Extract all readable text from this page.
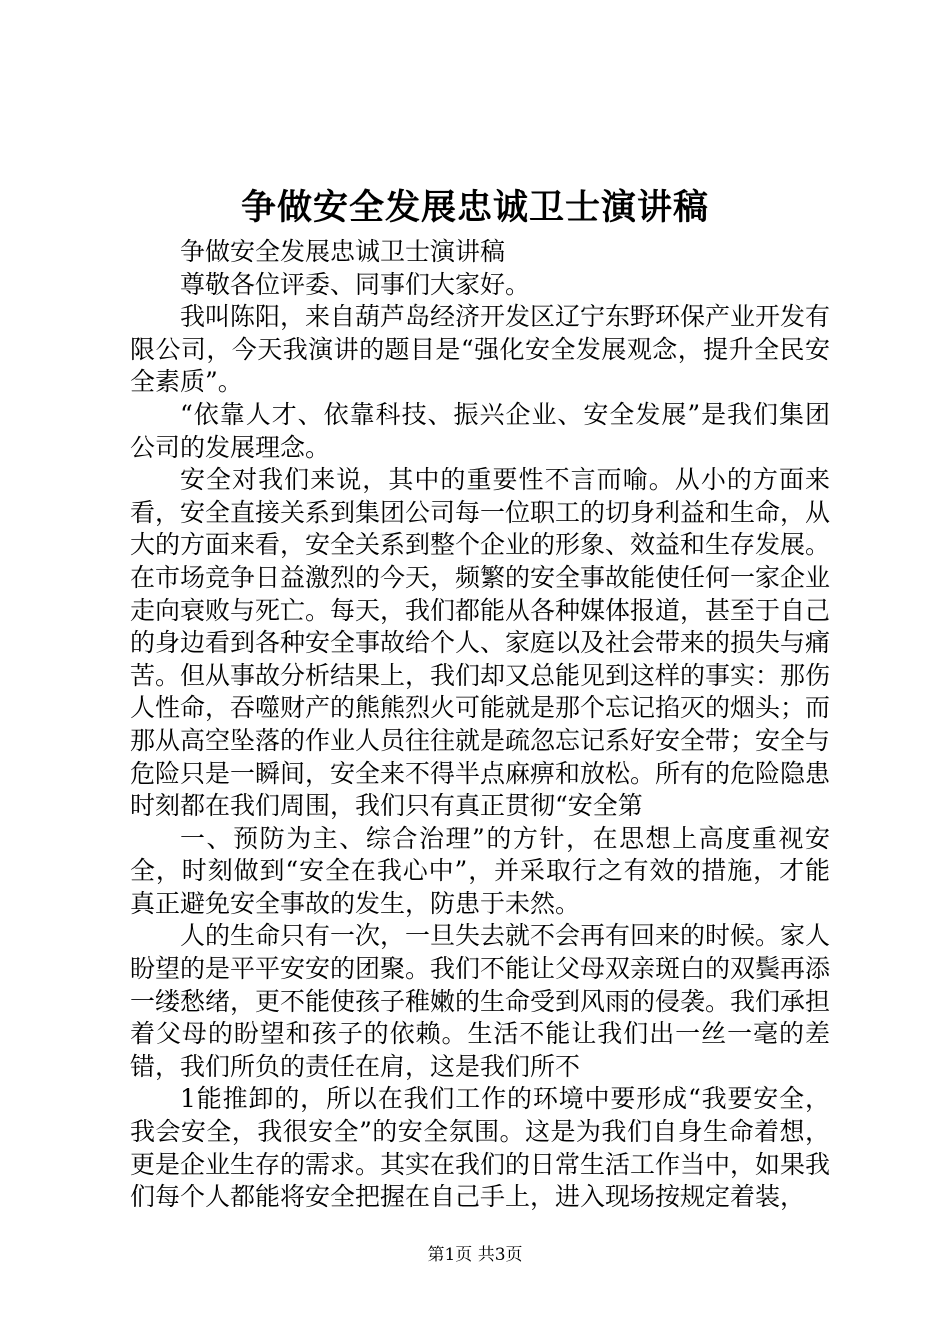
争做安全发展忠诚卫士演讲稿

争做安全发展忠诚卫士演讲稿

尊敬各位评委、同事们大家好。

我叫陈阳，来自葫芦岛经济开发区辽宁东野环保产业开发有限公司，今天我演讲的题目是“强化安全发展观念，提升全民安全素质”。

“依靠人才、依靠科技、振兴企业、安全发展”是我们集团公司的发展理念。

安全对我们来说，其中的重要性不言而喻。从小的方面来看，安全直接关系到集团公司每一位职工的切身利益和生命，从大的方面来看，安全关系到整个企业的形象、效益和生存发展。在市场竞争日益激烈的今天，频繁的安全事故能使任何一家企业走向衰败与死亡。每天，我们都能从各种媒体报道，甚至于自己的身边看到各种安全事故给个人、家庭以及社会带来的损失与痛苦。但从事故分析结果上，我们却又总能见到这样的事实：那伤人性命，吞噬财产的熊熊烈火可能就是那个忘记掐灭的烟头；而那从高空坠落的作业人员往往就是疏忽忘记系好安全带；安全与危险只是一瞬间，安全来不得半点麻痹和放松。所有的危险隐患时刻都在我们周围，我们只有真正贯彻“安全第

一、预防为主、综合治理”的方针，在思想上高度重视安全，时刻做到“安全在我心中”，并采取行之有效的措施，才能真正避免安全事故的发生，防患于未然。

人的生命只有一次，一旦失去就不会再有回来的时候。家人盼望的是平平安安的团聚。我们不能让父母双亲斑白的双鬓再添一缕愁绪，更不能使孩子稚嫩的生命受到风雨的侵袭。我们承担着父母的盼望和孩子的依赖。生活不能让我们出一丝一毫的差错，我们所负的责任在肩，这是我们所不

1能推卸的，所以在我们工作的环境中要形成“我要安全，我会安全，我很安全”的安全氛围。这是为我们自身生命着想，更是企业生存的需求。其实在我们的日常生活工作当中，如果我们每个人都能将安全把握在自己手上，进入现场按规定着装，

第1页 共3页
